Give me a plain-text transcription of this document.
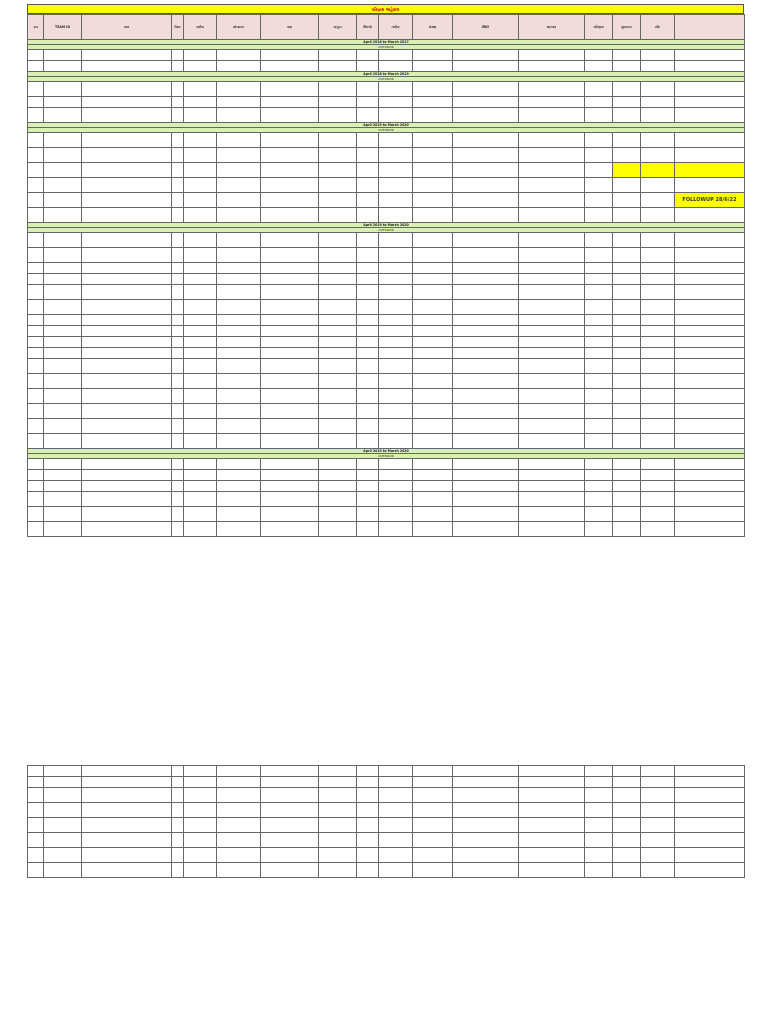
પરિણામ અહેવાલ
ક્રમ	TEAM ID	નામ	ઉંમર	તારીખ	મોબાઇલ	ગામ	તાલુકા	જિલ્લો	તારીખ	સંસ્થા	સ્થિતિ	સારવાર	પરિણામ	મુલાકાત	નોંધ	
April 2016 to March 2017																
OUTDOOR																

April 2018 to March 2019																
OUTDOOR																

April 2019 to March 2020																
OUTDOOR																

																FOLLOWUP 28/6/22

April 2019 to March 2020																
OUTDOOR																

April 2019 to March 2020																
OUTDOOR																
